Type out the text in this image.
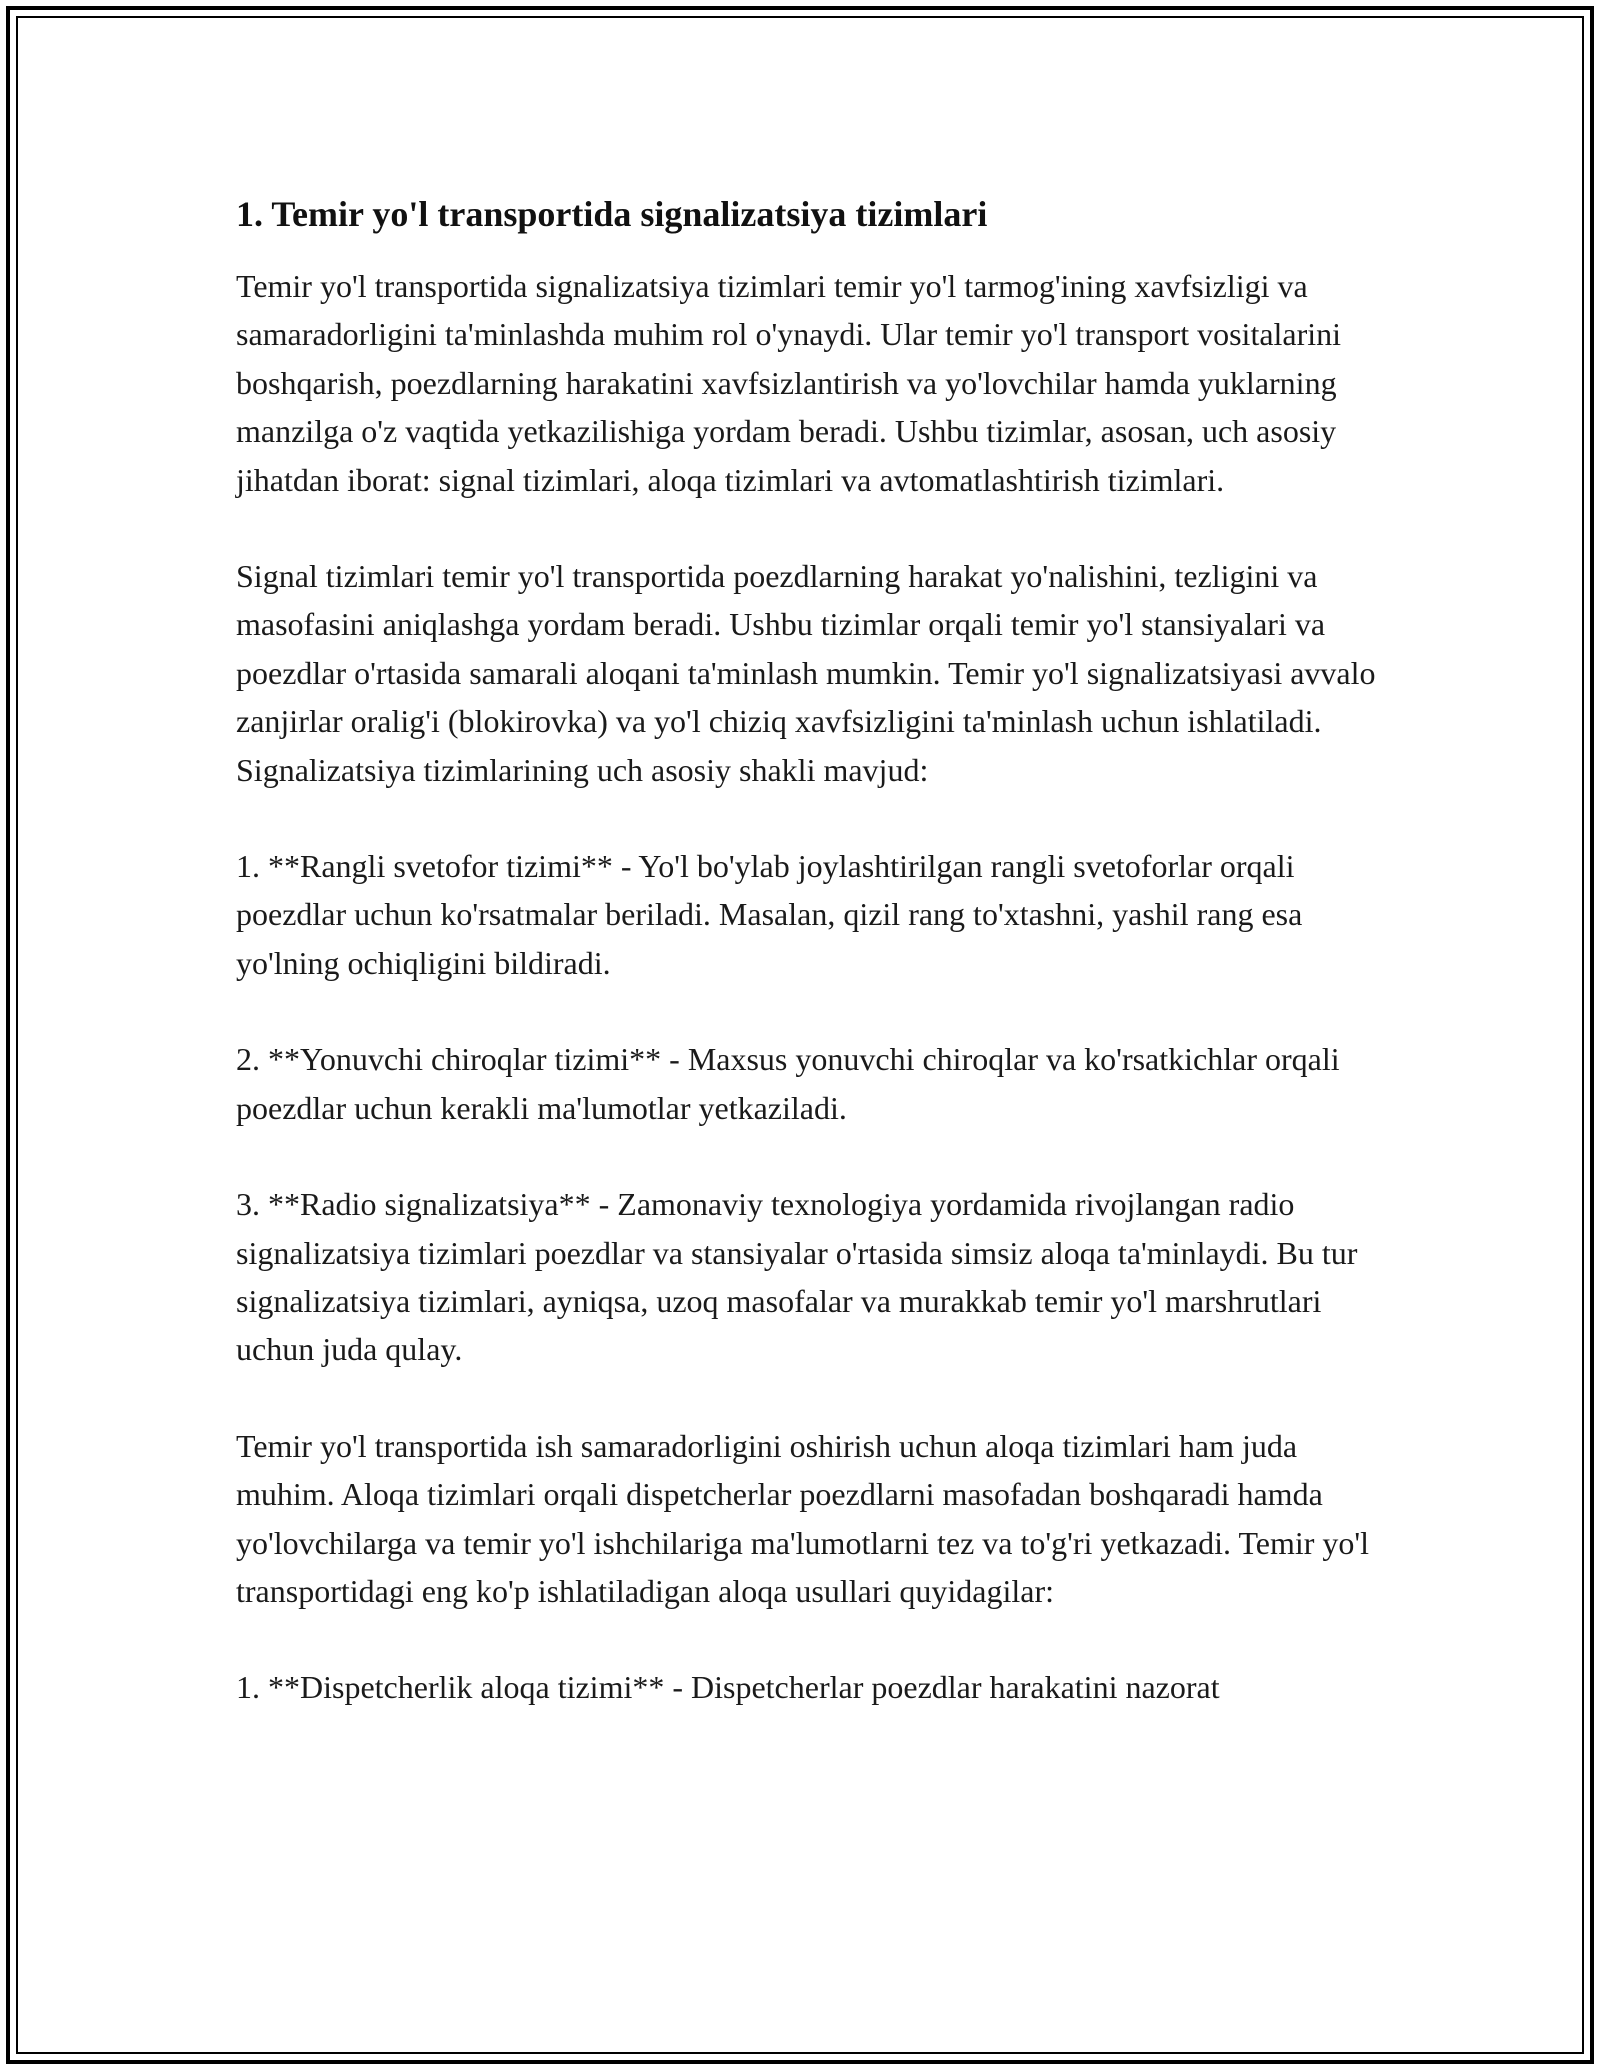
1. Temir yo'l transportida signalizatsiya tizimlari

Temir yo'l transportida signalizatsiya tizimlari temir yo'l tarmog'ining xavfsizligi va samaradorligini ta'minlashda muhim rol o'ynaydi. Ular temir yo'l transport vositalarini boshqarish, poezdlarning harakatini xavfsizlantirish va yo'lovchilar hamda yuklarning manzilga o'z vaqtida yetkazilishiga yordam beradi. Ushbu tizimlar, asosan, uch asosiy jihatdan iborat: signal tizimlari, aloqa tizimlari va avtomatlashtirish tizimlari.

Signal tizimlari temir yo'l transportida poezdlarning harakat yo'nalishini, tezligini va masofasini aniqlashga yordam beradi. Ushbu tizimlar orqali temir yo'l stansiyalari va poezdlar o'rtasida samarali aloqani ta'minlash mumkin. Temir yo'l signalizatsiyasi avvalo zanjirlar oralig'i (blokirovka) va yo'l chiziq xavfsizligini ta'minlash uchun ishlatiladi. Signalizatsiya tizimlarining uch asosiy shakli mavjud:

1. **Rangli svetofor tizimi** - Yo'l bo'ylab joylashtirilgan rangli svetoforlar orqali poezdlar uchun ko'rsatmalar beriladi. Masalan, qizil rang to'xtashni, yashil rang esa yo'lning ochiqligini bildiradi.

2. **Yonuvchi chiroqlar tizimi** - Maxsus yonuvchi chiroqlar va ko'rsatkichlar orqali poezdlar uchun kerakli ma'lumotlar yetkaziladi.

3. **Radio signalizatsiya** - Zamonaviy texnologiya yordamida rivojlangan radio signalizatsiya tizimlari poezdlar va stansiyalar o'rtasida simsiz aloqa ta'minlaydi. Bu tur signalizatsiya tizimlari, ayniqsa, uzoq masofalar va murakkab temir yo'l marshrutlari uchun juda qulay.

Temir yo'l transportida ish samaradorligini oshirish uchun aloqa tizimlari ham juda muhim. Aloqa tizimlari orqali dispetcherlar poezdlarni masofadan boshqaradi hamda yo'lovchilarga va temir yo'l ishchilariga ma'lumotlarni tez va to'g'ri yetkazadi. Temir yo'l transportidagi eng ko'p ishlatiladigan aloqa usullari quyidagilar:

1. **Dispetcherlik aloqa tizimi** - Dispetcherlar poezdlar harakatini nazorat
